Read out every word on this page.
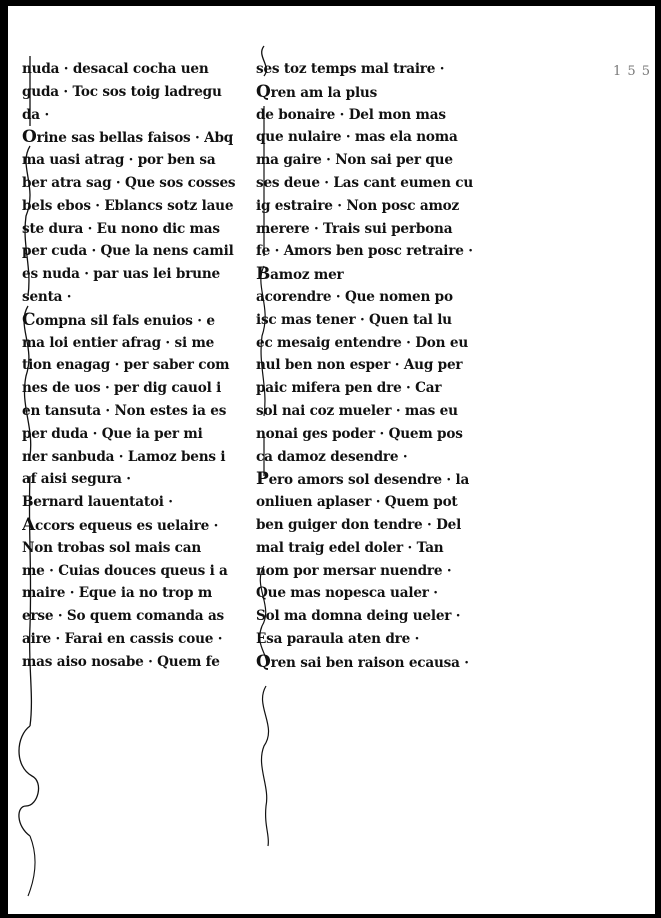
1 5 5
nuda · desacal cocha uen
guda · Toc sos toig ladregu
da ·
Orine sas bellas faisos · Abq
ma uasi atrag · por ben sa
ber atra sag · Que sos cosses
bels ebos · Eblancs sotz laue
ste dura · Eu nono dic mas
per cuda · Que la nens camil
es nuda · par uas lei brune
senta ·
Compna sil fals enuios · e
ma loi entier afrag · si me
tion enagag · per saber com
nes de uos · per dig cauol i
en tansuta · Non estes ia es
per duda · Que ia per mi
ner sanbuda · Lamoz bens i
af aisi segura ·
Bernard lauentatoi ·
Accors equeus es uelaire ·
Non trobas sol mais can
me · Cuias douces queus i a
maire · Eque ia no trop m
erse · So quem comanda as
aire · Farai en cassis coue ·
mas aiso nosabe · Quem fe
ses toz temps mal traire ·
Qren am la plus
de bonaire · Del mon mas
que nulaire · mas ela noma
ma gaire · Non sai per que
ses deue · Las cant eumen cu
ig estraire · Non posc amoz
merere · Trais sui perbona
fe · Amors ben posc retraire ·
Bamoz mer
acorendre · Que nomen po
isc mas tener · Quen tal lu
ec mesaig entendre · Don eu
nul ben non esper · Aug per
paic mifera pen dre · Car
sol nai coz mueler · mas eu
nonai ges poder · Quem pos
ca damoz desendre ·
Pero amors sol desendre · la
onliuen aplaser · Quem pot
ben guiger don tendre · Del
mal traig edel doler · Tan
nom por mersar nuendre ·
Que mas nopesca ualer ·
Sol ma domna deing ueler ·
Esa paraula aten dre ·
Qren sai ben raison ecausa ·
